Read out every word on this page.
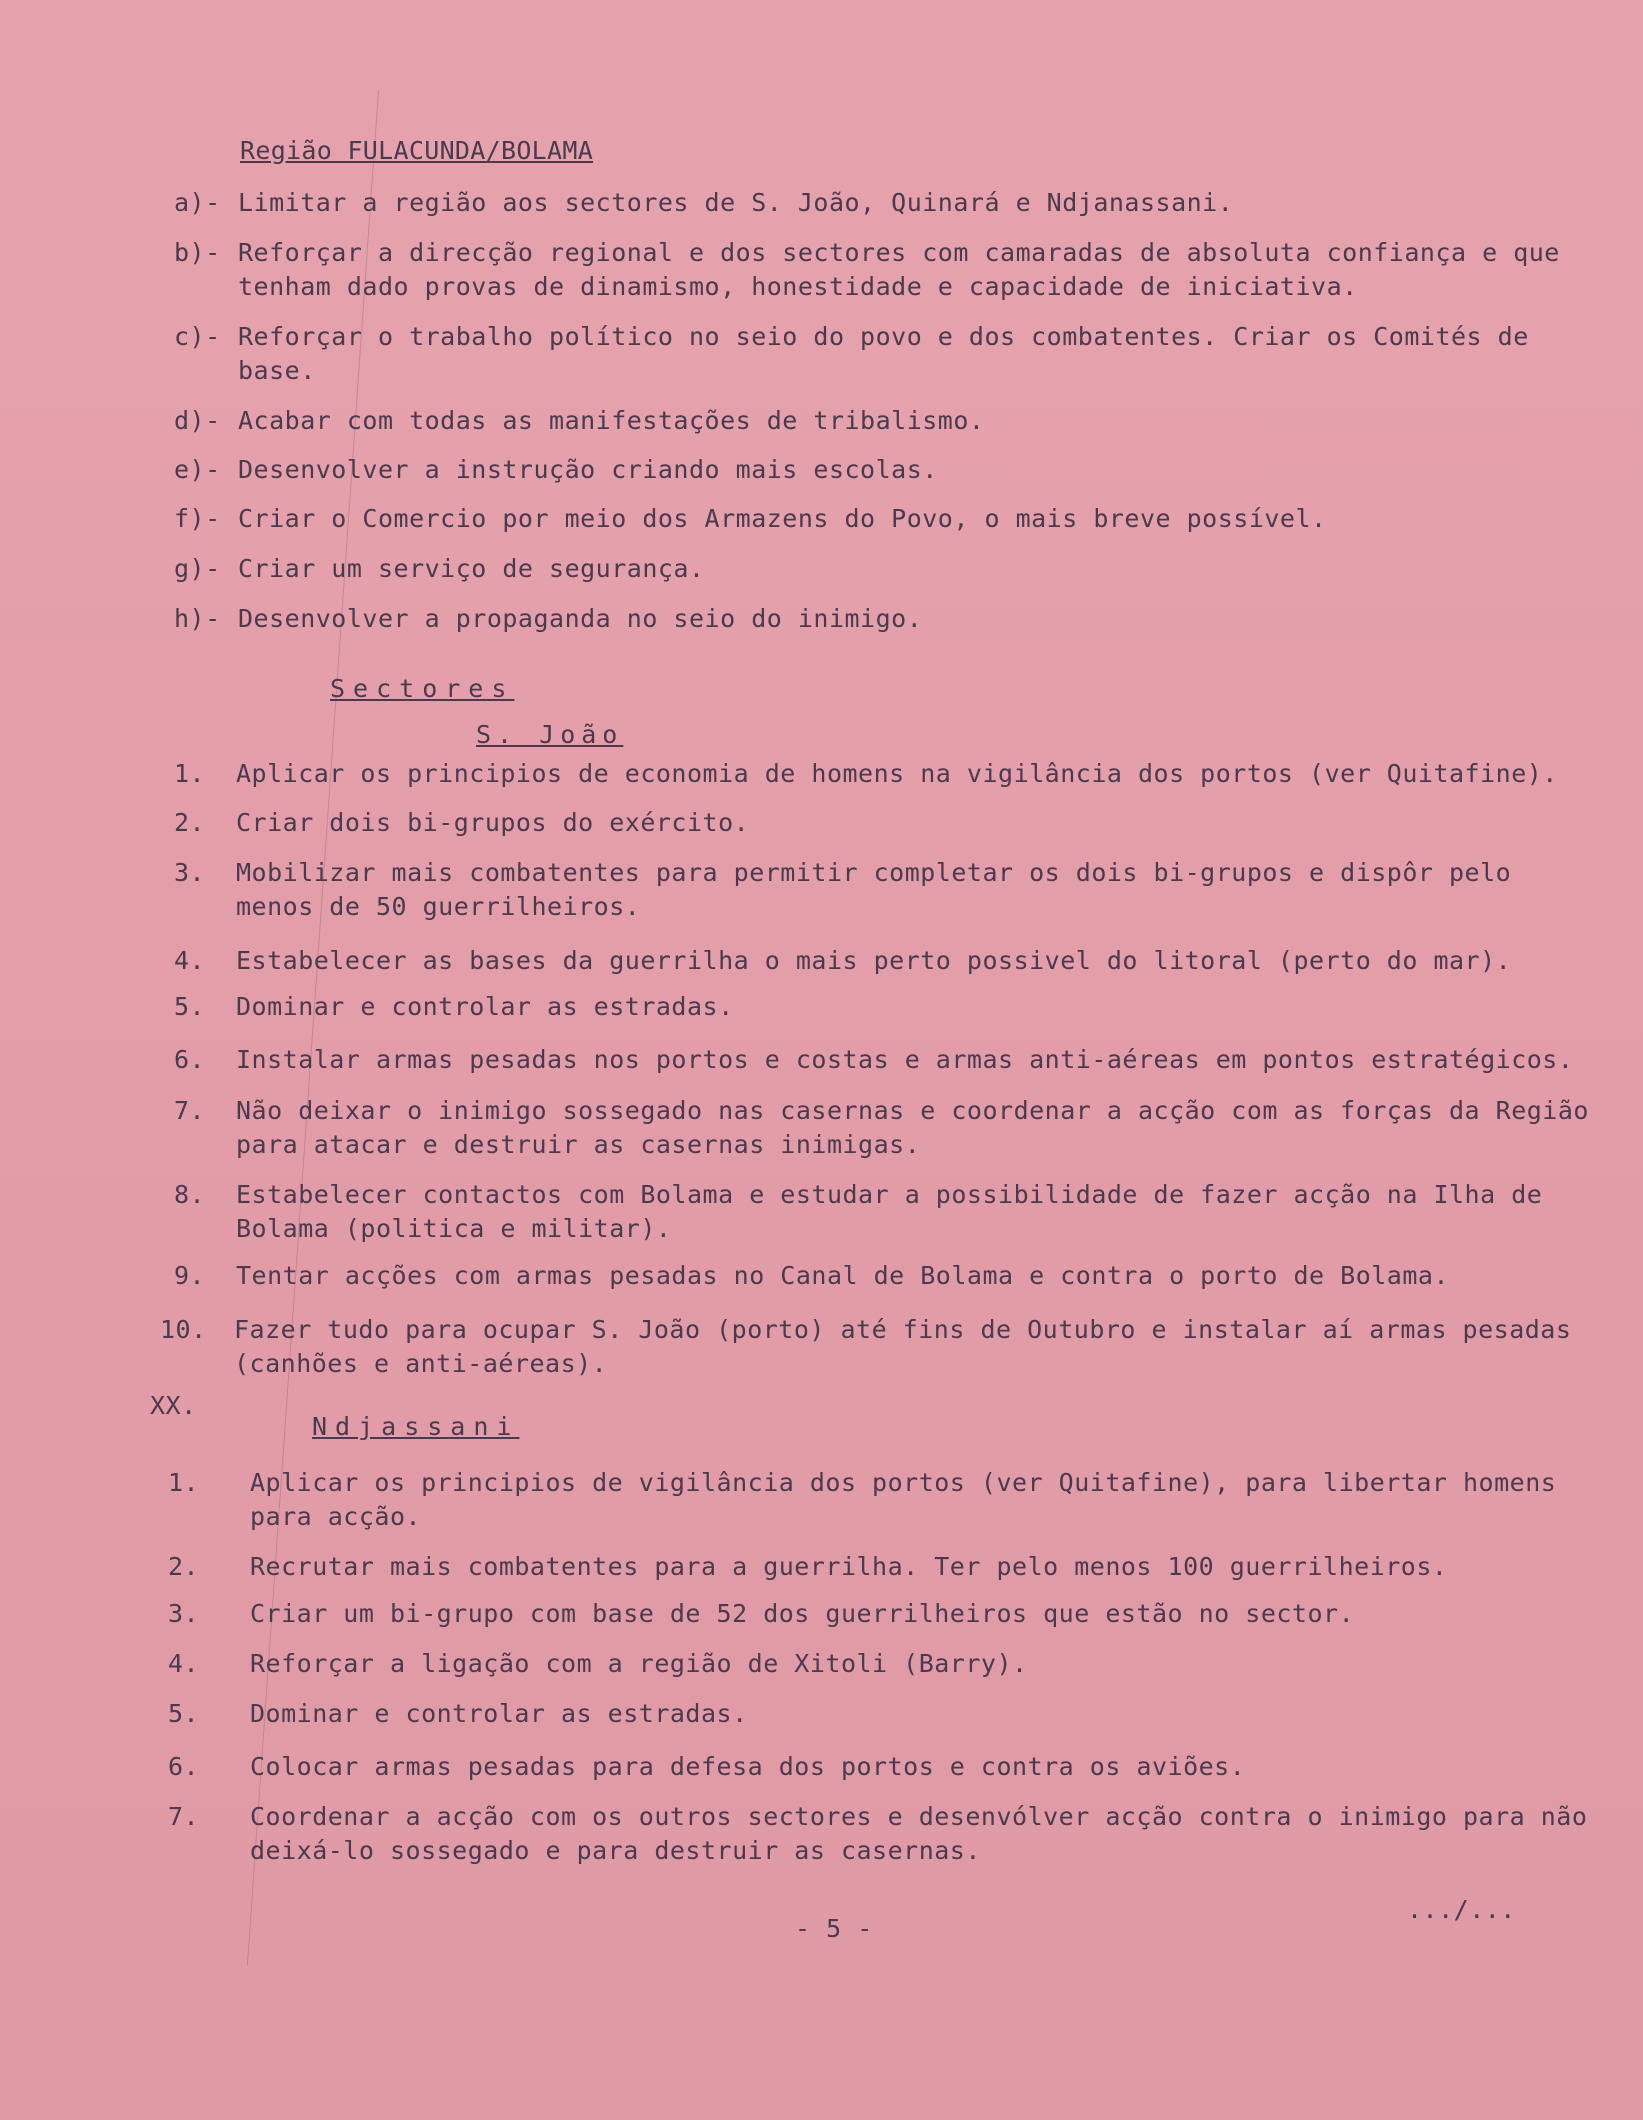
Região FULACUNDA/BOLAMA
a)- Limitar a região aos sectores de S. João, Quinará e Ndjanassani.
b)- Reforçar a direcção regional e dos sectores com camaradas de absoluta confiança e que tenham dado provas de dinamismo, honestidade e capacidade de iniciativa.
c)- Reforçar o trabalho político no seio do povo e dos combatentes. Criar os Comités de base.
d)- Acabar com todas as manifestações de tribalismo.
e)- Desenvolver a instrução criando mais escolas.
f)- Criar o Comercio por meio dos Armazens do Povo, o mais breve possível.
g)- Criar um serviço de segurança.
h)- Desenvolver a propaganda no seio do inimigo.
Sectores
S. João
1.	Aplicar os principios de economia de homens na vigilância dos portos (ver Quitafine).
2.	Criar dois bi-grupos do exército.
3.	Mobilizar mais combatentes para permitir completar os dois bi-grupos e dispôr pelo menos de 50 guerrilheiros.
4.	Estabelecer as bases da guerrilha o mais perto possivel do litoral (perto do mar).
5.	Dominar e controlar as estradas.
6.	Instalar armas pesadas nos portos e costas e armas anti-aéreas em pontos estratégicos.
7.	Não deixar o inimigo sossegado nas casernas e coordenar a acção com as forças da Região para atacar e destruir as casernas inimigas.
8.	Estabelecer contactos com Bolama e estudar a possibilidade de fazer acção na Ilha de Bolama (politica e militar).
9.	Tentar acções com armas pesadas no Canal de Bolama e contra o porto de Bolama.
10.	Fazer tudo para ocupar S. João (porto) até fins de Outubro e instalar aí armas pesadas (canhões e anti-aéreas).
XX.
Ndjassani
1.	Aplicar os principios de vigilância dos portos (ver Quitafine), para libertar homens para acção.
2.	Recrutar mais combatentes para a guerrilha. Ter pelo menos 100 guerrilheiros.
3.	Criar um bi-grupo com base de 52 dos guerrilheiros que estão no sector.
4.	Reforçar a ligação com a região de Xitoli (Barry).
5.	Dominar e controlar as estradas.
6.	Colocar armas pesadas para defesa dos portos e contra os aviões.
7.	Coordenar a acção com os outros sectores e desenvólver acção contra o inimigo para não deixá-lo sossegado e para destruir as casernas.
.../...
- 5 -
